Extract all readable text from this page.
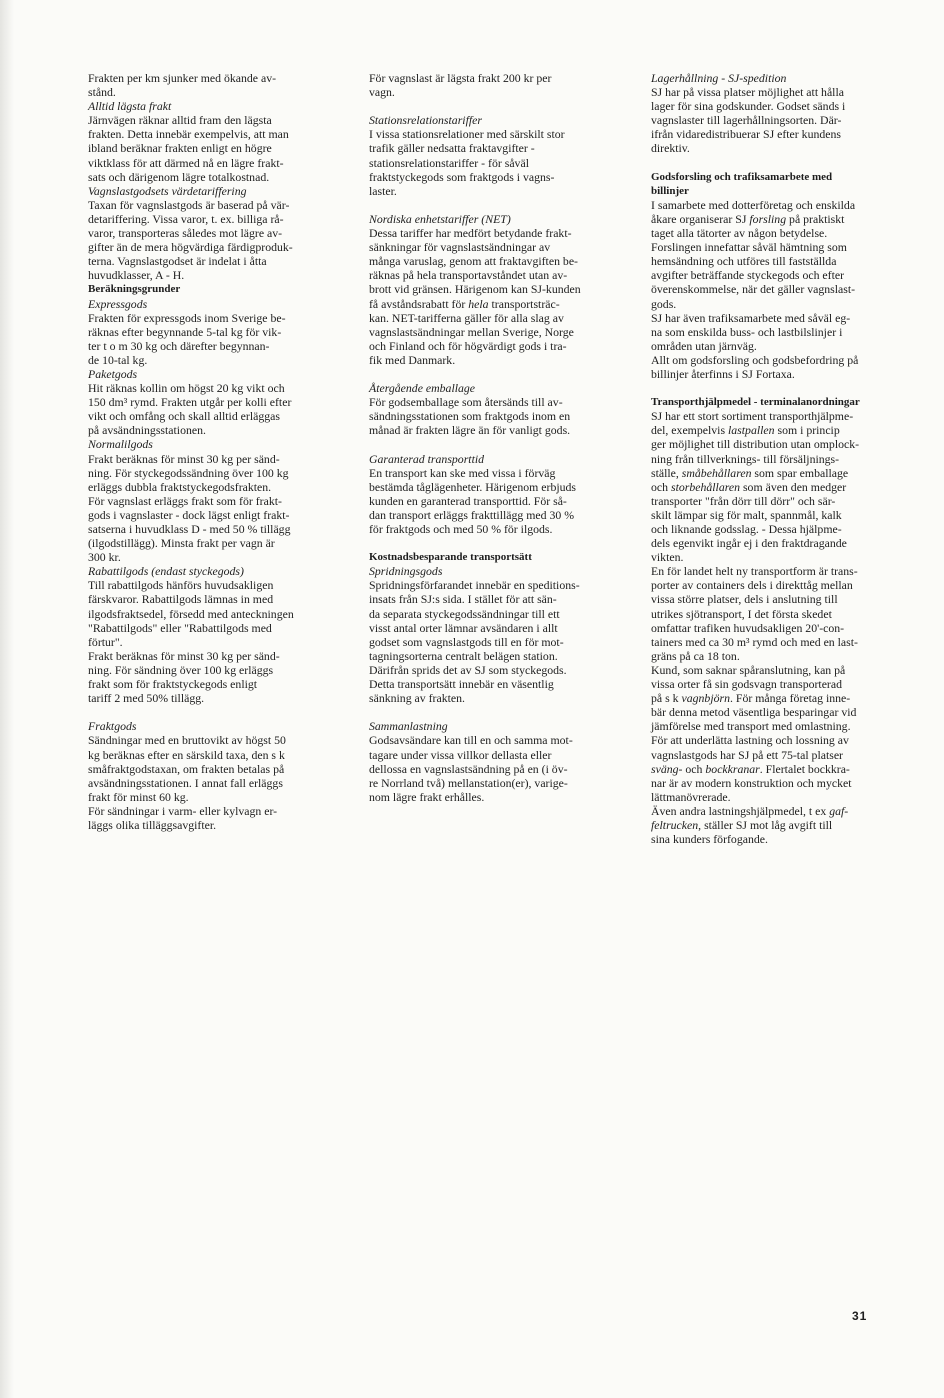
Frakten per km sjunker med ökande av-
stånd.
Alltid lägsta frakt
Järnvägen räknar alltid fram den lägsta
frakten. Detta innebär exempelvis, att man
ibland beräknar frakten enligt en högre
viktklass för att därmed nå en lägre frakt-
sats och därigenom lägre totalkostnad.
Vagnslastgodsets värdetariffering
Taxan för vagnslastgods är baserad på vär-
detariffering. Vissa varor, t. ex. billiga rå-
varor, transporteras således mot lägre av-
gifter än de mera högvärdiga färdigproduk-
terna. Vagnslastgodset är indelat i åtta
huvudklasser, A - H.
Beräkningsgrunder
Expressgods
Frakten för expressgods inom Sverige be-
räknas efter begynnande 5-tal kg för vik-
ter t o m 30 kg och därefter begynnan-
de 10-tal kg.
Paketgods
Hit räknas kollin om högst 20 kg vikt och
150 dm³ rymd. Frakten utgår per kolli efter
vikt och omfång och skall alltid erläggas
på avsändningsstationen.
Normalilgods
Frakt beräknas för minst 30 kg per sänd-
ning. För styckegodssändning över 100 kg
erläggs dubbla fraktstyckegodsfrakten.
För vagnslast erläggs frakt som för frakt-
gods i vagnslaster - dock lägst enligt frakt-
satserna i huvudklass D - med 50 % tillägg
(ilgodstillägg). Minsta frakt per vagn är
300 kr.
Rabattilgods (endast styckegods)
Till rabattilgods hänförs huvudsakligen
färskvaror. Rabattilgods lämnas in med
ilgodsfraktsedel, försedd med anteckningen
"Rabattilgods" eller "Rabattilgods med
förtur".
Frakt beräknas för minst 30 kg per sänd-
ning. För sändning över 100 kg erläggs
frakt som för fraktstyckegods enligt
tariff 2 med 50% tillägg.
Fraktgods
Sändningar med en bruttovikt av högst 50
kg beräknas efter en särskild taxa, den s k
småfraktgodstaxan, om frakten betalas på
avsändningsstationen. I annat fall erläggs
frakt för minst 60 kg.
För sändningar i varm- eller kylvagn er-
läggs olika tilläggsavgifter.
För vagnslast är lägsta frakt 200 kr per
vagn.
Stationsrelationstariffer
I vissa stationsrelationer med särskilt stor
trafik gäller nedsatta fraktavgifter -
stationsrelationstariffer - för såväl
fraktstyckegods som fraktgods i vagns-
laster.
Nordiska enhetstariffer (NET)
Dessa tariffer har medfört betydande frakt-
sänkningar för vagnslastsändningar av
många varuslag, genom att fraktavgiften be-
räknas på hela transportavståndet utan av-
brott vid gränsen. Härigenom kan SJ-kunden
få avståndsrabatt för hela transportsträc-
kan. NET-tarifferna gäller för alla slag av
vagnslastsändningar mellan Sverige, Norge
och Finland och för högvärdigt gods i tra-
fik med Danmark.
Återgående emballage
För godsemballage som återsänds till av-
sändningsstationen som fraktgods inom en
månad är frakten lägre än för vanligt gods.
Garanterad transporttid
En transport kan ske med vissa i förväg
bestämda tåglägenheter. Härigenom erbjuds
kunden en garanterad transporttid. För så-
dan transport erläggs frakttillägg med 30 %
för fraktgods och med 50 % för ilgods.
Kostnadsbesparande transportsätt
Spridningsgods
Spridningsförfarandet innebär en speditions-
insats från SJ:s sida. I stället för att sän-
da separata styckegodssändningar till ett
visst antal orter lämnar avsändaren i allt
godset som vagnslastgods till en för mot-
tagningsorterna centralt belägen station.
Därifrån sprids det av SJ som styckegods.
Detta transportsätt innebär en väsentlig
sänkning av frakten.
Sammanlastning
Godsavsändare kan till en och samma mot-
tagare under vissa villkor dellasta eller
dellossa en vagnslastsändning på en (i öv-
re Norrland två) mellanstation(er), varige-
nom lägre frakt erhålles.
Lagerhållning - SJ-spedition
SJ har på vissa platser möjlighet att hålla
lager för sina godskunder. Godset sänds i
vagnslaster till lagerhållningsorten. Där-
ifrån vidaredistribuerar SJ efter kundens
direktiv.
Godsforsling och trafiksamarbete med
billinjer
I samarbete med dotterföretag och enskilda
åkare organiserar SJ forsling på praktiskt
taget alla tätorter av någon betydelse.
Forslingen innefattar såväl hämtning som
hemsändning och utföres till fastställda
avgifter beträffande styckegods och efter
överenskommelse, när det gäller vagnslast-
gods.
SJ har även trafiksamarbete med såväl eg-
na som enskilda buss- och lastbilslinjer i
områden utan järnväg.
Allt om godsforsling och godsbefordring på
billinjer återfinns i SJ Fortaxa.
Transporthjälpmedel - terminalanordningar
SJ har ett stort sortiment transporthjälpme-
del, exempelvis lastpallen som i princip
ger möjlighet till distribution utan omplock-
ning från tillverknings- till försäljnings-
ställe, småbehållaren som spar emballage
och storbehållaren som även den medger
transporter "från dörr till dörr" och sär-
skilt lämpar sig för malt, spannmål, kalk
och liknande godsslag. - Dessa hjälpme-
dels egenvikt ingår ej i den fraktdragande
vikten.
En för landet helt ny transportform är trans-
porter av containers dels i direkttåg mellan
vissa större platser, dels i anslutning till
utrikes sjötransport, I det första skedet
omfattar trafiken huvudsakligen 20'-con-
tainers med ca 30 m³ rymd och med en last-
gräns på ca 18 ton.
Kund, som saknar spåranslutning, kan på
vissa orter få sin godsvagn transporterad
på s k vagnbjörn. För många företag inne-
bär denna metod väsentliga besparingar vid
jämförelse med transport med omlastning.
För att underlätta lastning och lossning av
vagnslastgods har SJ på ett 75-tal platser
sväng- och bockkranar. Flertalet bockkra-
nar är av modern konstruktion och mycket
lättmanövrerade.
Även andra lastningshjälpmedel, t ex gaf-
feltrucken, ställer SJ mot låg avgift till
sina kunders förfogande.
31
